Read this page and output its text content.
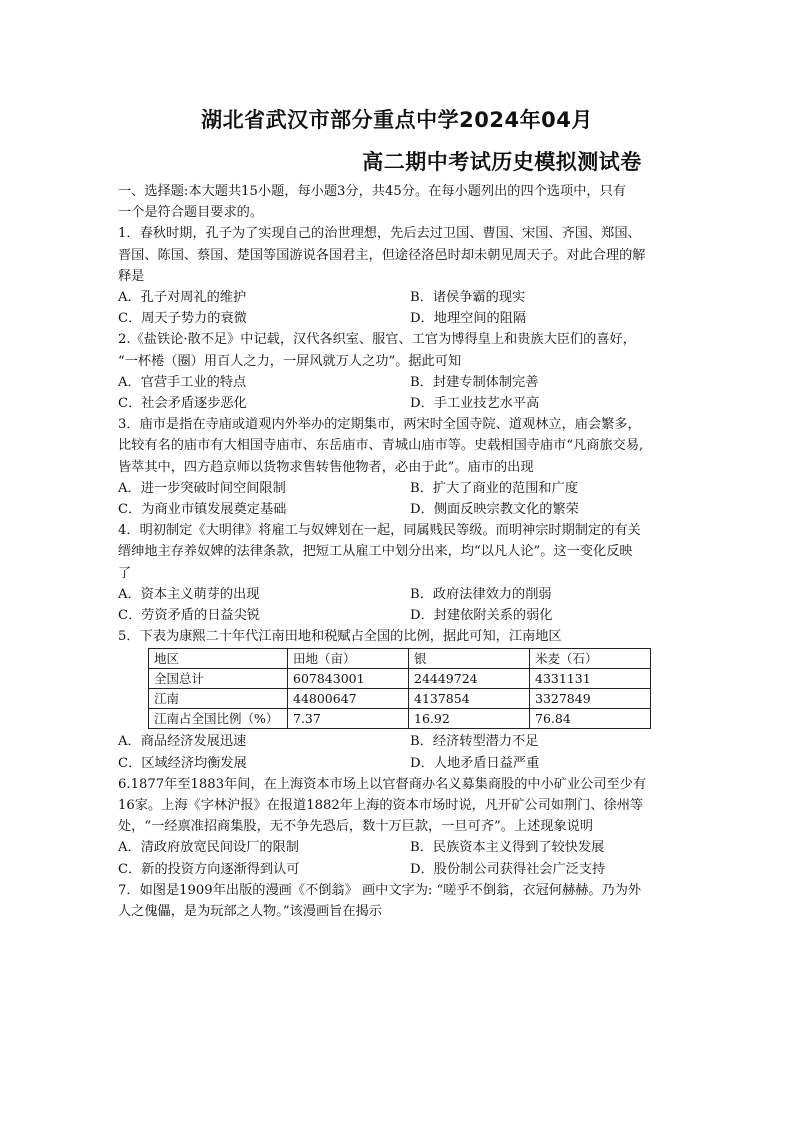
湖北省武汉市部分重点中学2024年04月
高二期中考试历史模拟测试卷
一、选择题:本大题共15小题，每小题3分，共45分。在每小题列出的四个选项中，只有
一个是符合题目要求的。
1．春秋时期，孔子为了实现自己的治世理想，先后去过卫国、曹国、宋国、齐国、郑国、
晋国、陈国、蔡国、楚国等国游说各国君主，但途径洛邑时却未朝见周天子。对此合理的解
释是
A．孔子对周礼的维护	B．诸侯争霸的现实
C．周天子势力的衰微	D．地理空间的阻隔
2.《盐铁论·散不足》中记载，汉代各织室、服官、工官为博得皇上和贵族大臣们的喜好，
“一杯棬（圈）用百人之力，一屏风就万人之功”。据此可知
A．官营手工业的特点	B．封建专制体制完善
C．社会矛盾逐步恶化	D．手工业技艺水平高
3．庙市是指在寺庙或道观内外举办的定期集市，两宋时全国寺院、道观林立，庙会繁多，
比较有名的庙市有大相国寺庙市、东岳庙市、青城山庙市等。史载相国寺庙市“凡商旅交易,
皆萃其中，四方趋京师以货物求售转售他物者，必由于此”。庙市的出现
A．进一步突破时间空间限制	B．扩大了商业的范围和广度
C．为商业市镇发展奠定基础	D．侧面反映宗教文化的繁荣
4．明初制定《大明律》将雇工与奴婢划在一起，同属贱民等级。而明神宗时期制定的有关
缙绅地主存养奴婢的法律条款，把短工从雇工中划分出来，均“以凡人论”。这一变化反映
了
A．资本主义萌芽的出现	B．政府法律效力的削弱
C．劳资矛盾的日益尖锐	D．封建依附关系的弱化
5．下表为康熙二十年代江南田地和税赋占全国的比例，据此可知，江南地区
地区	田地（亩）	银	米麦（石）
全国总计	607843001	24449724	4331131
江南	44800647	4137854	3327849
江南占全国比例（%）	7.37	16.92	76.84
A．商品经济发展迅速	B．经济转型潜力不足
C．区域经济均衡发展	D．人地矛盾日益严重
6.1877年至1883年间，在上海资本市场上以官督商办名义募集商股的中小矿业公司至少有
16家。上海《字林沪报》在报道1882年上海的资本市场时说，凡开矿公司如荆门、徐州等
处，“一经禀准招商集股，无不争先恐后，数十万巨款，一旦可齐”。上述现象说明
A．清政府放宽民间设厂的限制	B．民族资本主义得到了较快发展
C．新的投资方向逐渐得到认可	D．股份制公司获得社会广泛支持
7．如图是1909年出版的漫画《不倒翁》 画中文字为: “嗟乎不倒翁，衣冠何赫赫。乃为外
人之傀儡，是为玩部之人物。”该漫画旨在揭示
